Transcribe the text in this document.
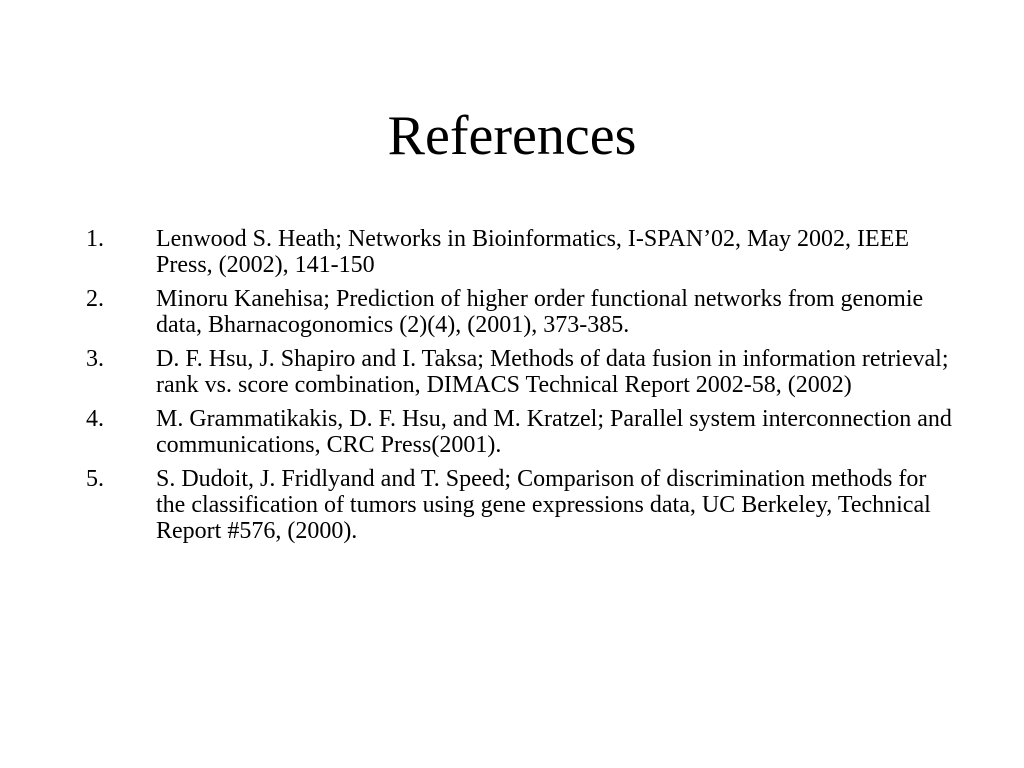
References
1.	Lenwood S. Heath; Networks in Bioinformatics, I-SPAN’02, May 2002, IEEE Press, (2002), 141-150
2.	Minoru Kanehisa; Prediction of higher order functional networks from genomie data, Bharnacogonomics (2)(4), (2001), 373-385.
3.	D. F. Hsu, J. Shapiro and I. Taksa; Methods of data fusion in information retrieval; rank vs. score combination, DIMACS Technical Report 2002-58, (2002)
4.	M. Grammatikakis, D. F. Hsu, and M. Kratzel; Parallel system interconnection and communications, CRC Press(2001).
5.	S. Dudoit, J. Fridlyand and T. Speed; Comparison of discrimination methods for the classification of tumors using gene expressions data, UC Berkeley, Technical Report #576, (2000).
